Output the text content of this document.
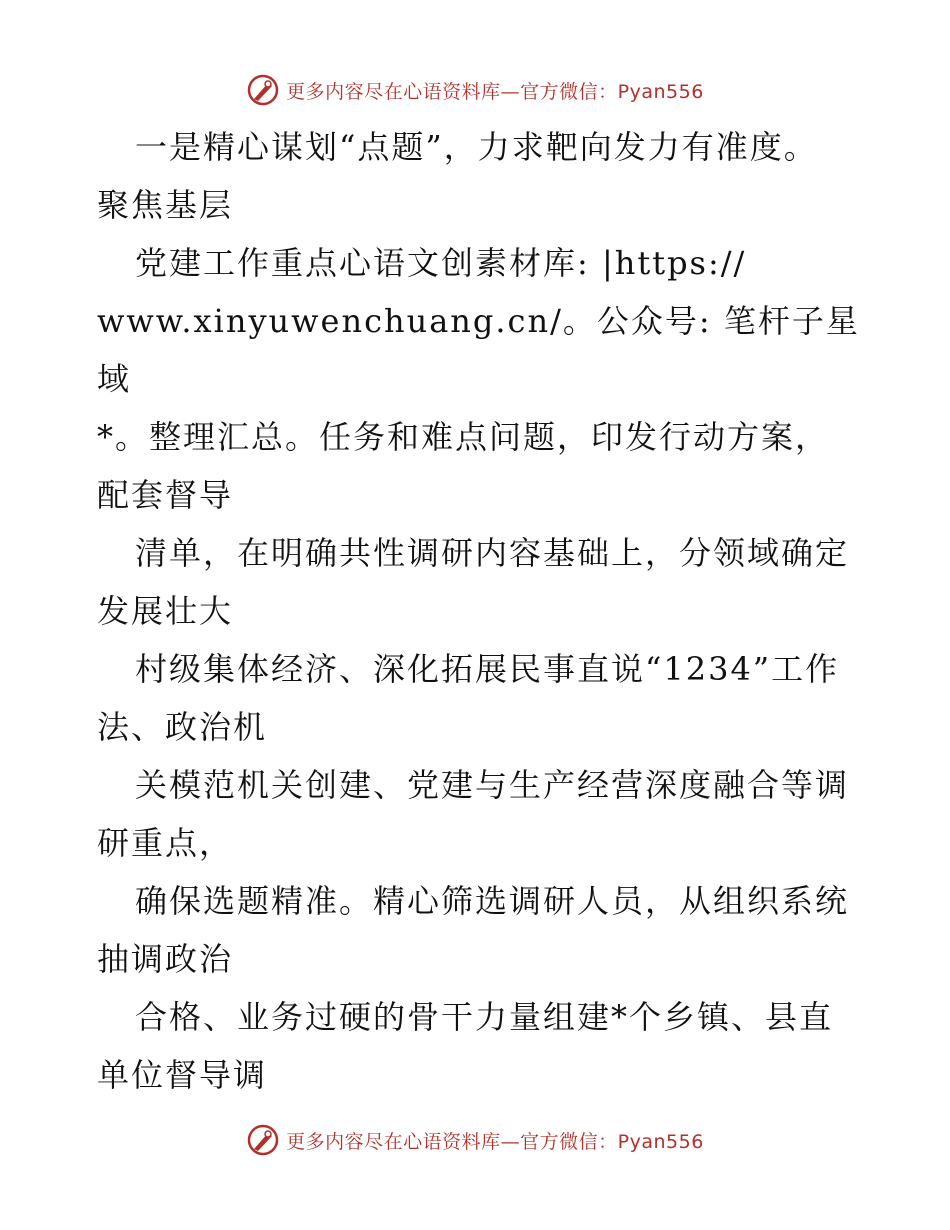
更多内容尽在心语资料库—官方微信：Pyan556

一是精心谋划“点题”，力求靶向发力有准度。
聚焦基层

党建工作重点心语文创素材库: |https://
www.xinyuwenchuang.cn/。公众号: 笔杆子星域

*。整理汇总。任务和难点问题，印发行动方案，
配套督导

清单，在明确共性调研内容基础上，分领域确定
发展壮大

村级集体经济、深化拓展民事直说“1234”工作
法、政治机

关模范机关创建、党建与生产经营深度融合等调
研重点，

确保选题精准。精心筛选调研人员，从组织系统
抽调政治

合格、业务过硬的骨干力量组建*个乡镇、县直
单位督导调

更多内容尽在心语资料库—官方微信：Pyan556
